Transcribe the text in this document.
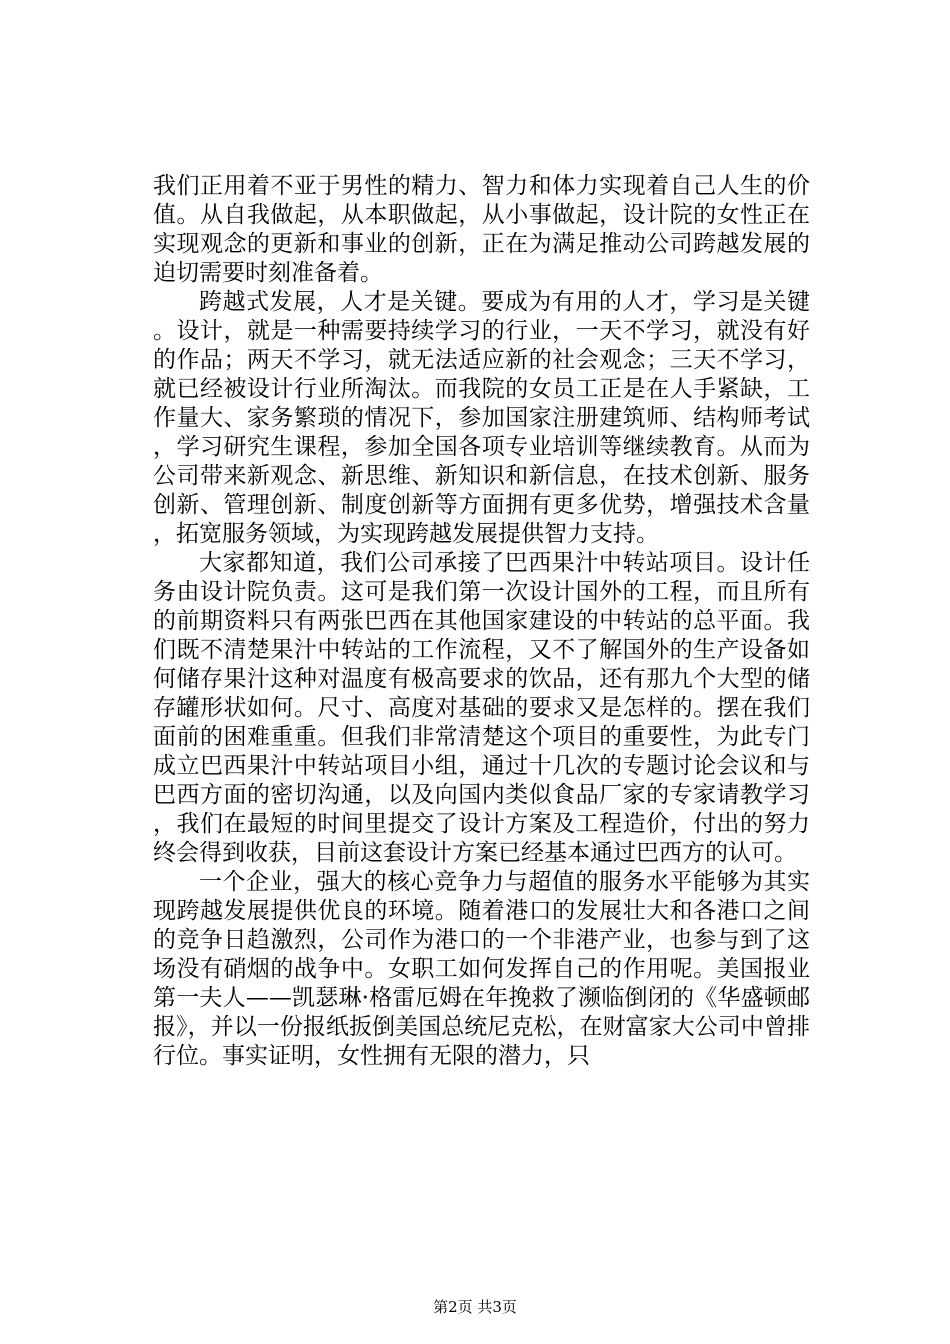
我们正用着不亚于男性的精力、智力和体力实现着自己人生的价值。从自我做起，从本职做起，从小事做起，设计院的女性正在实现观念的更新和事业的创新，正在为满足推动公司跨越发展的迫切需要时刻准备着。

跨越式发展，人才是关键。要成为有用的人才，学习是关键。设计，就是一种需要持续学习的行业，一天不学习，就没有好的作品；两天不学习，就无法适应新的社会观念；三天不学习，就已经被设计行业所淘汰。而我院的女员工正是在人手紧缺，工作量大、家务繁琐的情况下，参加国家注册建筑师、结构师考试，学习研究生课程，参加全国各项专业培训等继续教育。从而为公司带来新观念、新思维、新知识和新信息，在技术创新、服务创新、管理创新、制度创新等方面拥有更多优势，增强技术含量，拓宽服务领域，为实现跨越发展提供智力支持。

大家都知道，我们公司承接了巴西果汁中转站项目。设计任务由设计院负责。这可是我们第一次设计国外的工程，而且所有的前期资料只有两张巴西在其他国家建设的中转站的总平面。我们既不清楚果汁中转站的工作流程，又不了解国外的生产设备如何储存果汁这种对温度有极高要求的饮品，还有那九个大型的储存罐形状如何。尺寸、高度对基础的要求又是怎样的。摆在我们面前的困难重重。但我们非常清楚这个项目的重要性，为此专门成立巴西果汁中转站项目小组，通过十几次的专题讨论会议和与巴西方面的密切沟通，以及向国内类似食品厂家的专家请教学习，我们在最短的时间里提交了设计方案及工程造价，付出的努力终会得到收获，目前这套设计方案已经基本通过巴西方的认可。

一个企业，强大的核心竞争力与超值的服务水平能够为其实现跨越发展提供优良的环境。随着港口的发展壮大和各港口之间的竞争日趋激烈，公司作为港口的一个非港产业，也参与到了这场没有硝烟的战争中。女职工如何发挥自己的作用呢。美国报业第一夫人——凯瑟琳·格雷厄姆在年挽救了濒临倒闭的《华盛顿邮报》，并以一份报纸扳倒美国总统尼克松，在财富家大公司中曾排行位。事实证明，女性拥有无限的潜力，只

第2页 共3页
